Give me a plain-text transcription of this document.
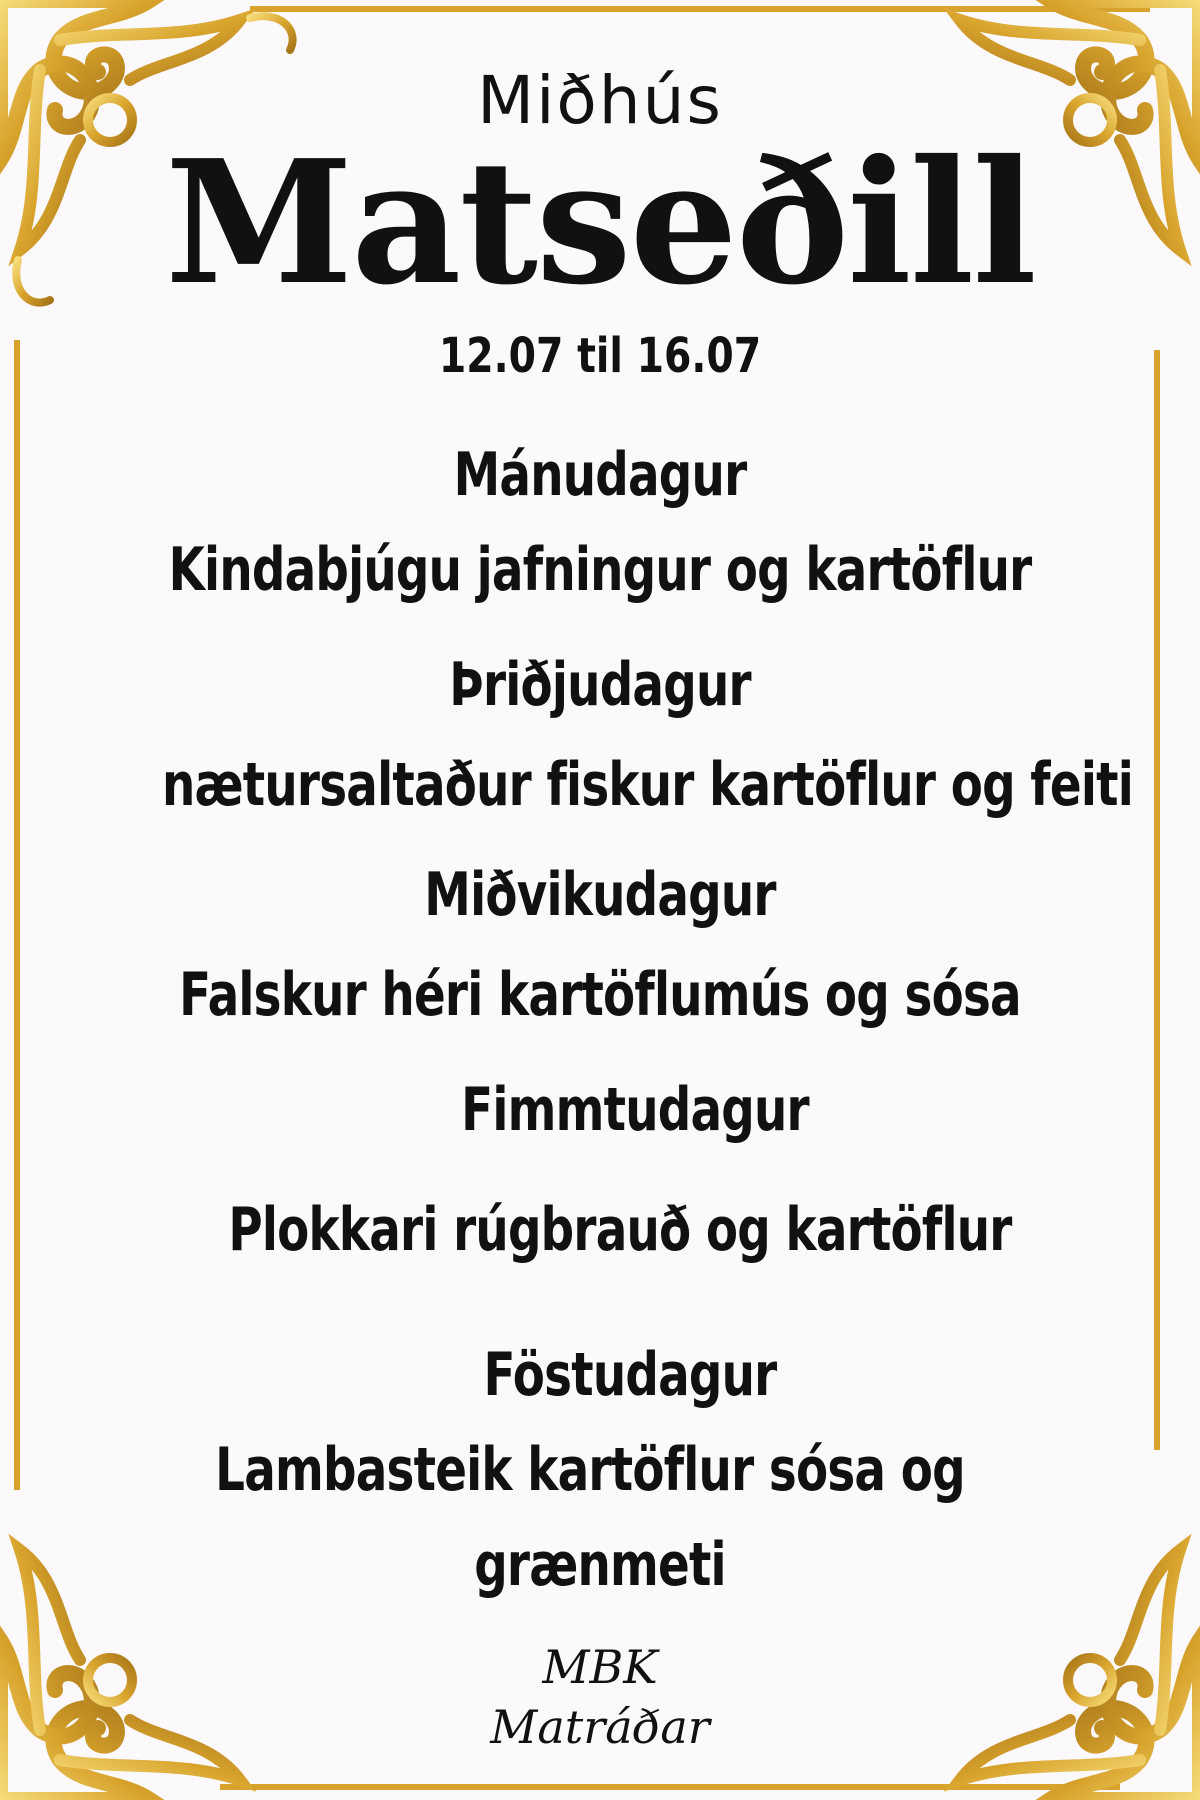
Miðhús
Matseðill
12.07 til 16.07
Mánudagur
Kindabjúgu jafningur og kartöflur
Þriðjudagur
nætursaltaður fiskur kartöflur og feiti
Miðvikudagur
Falskur héri kartöflumús og sósa
Fimmtudagur
Plokkari rúgbrauð og kartöflur
Föstudagur
Lambasteik kartöflur sósa og
grænmeti
MBK
Matráðar
